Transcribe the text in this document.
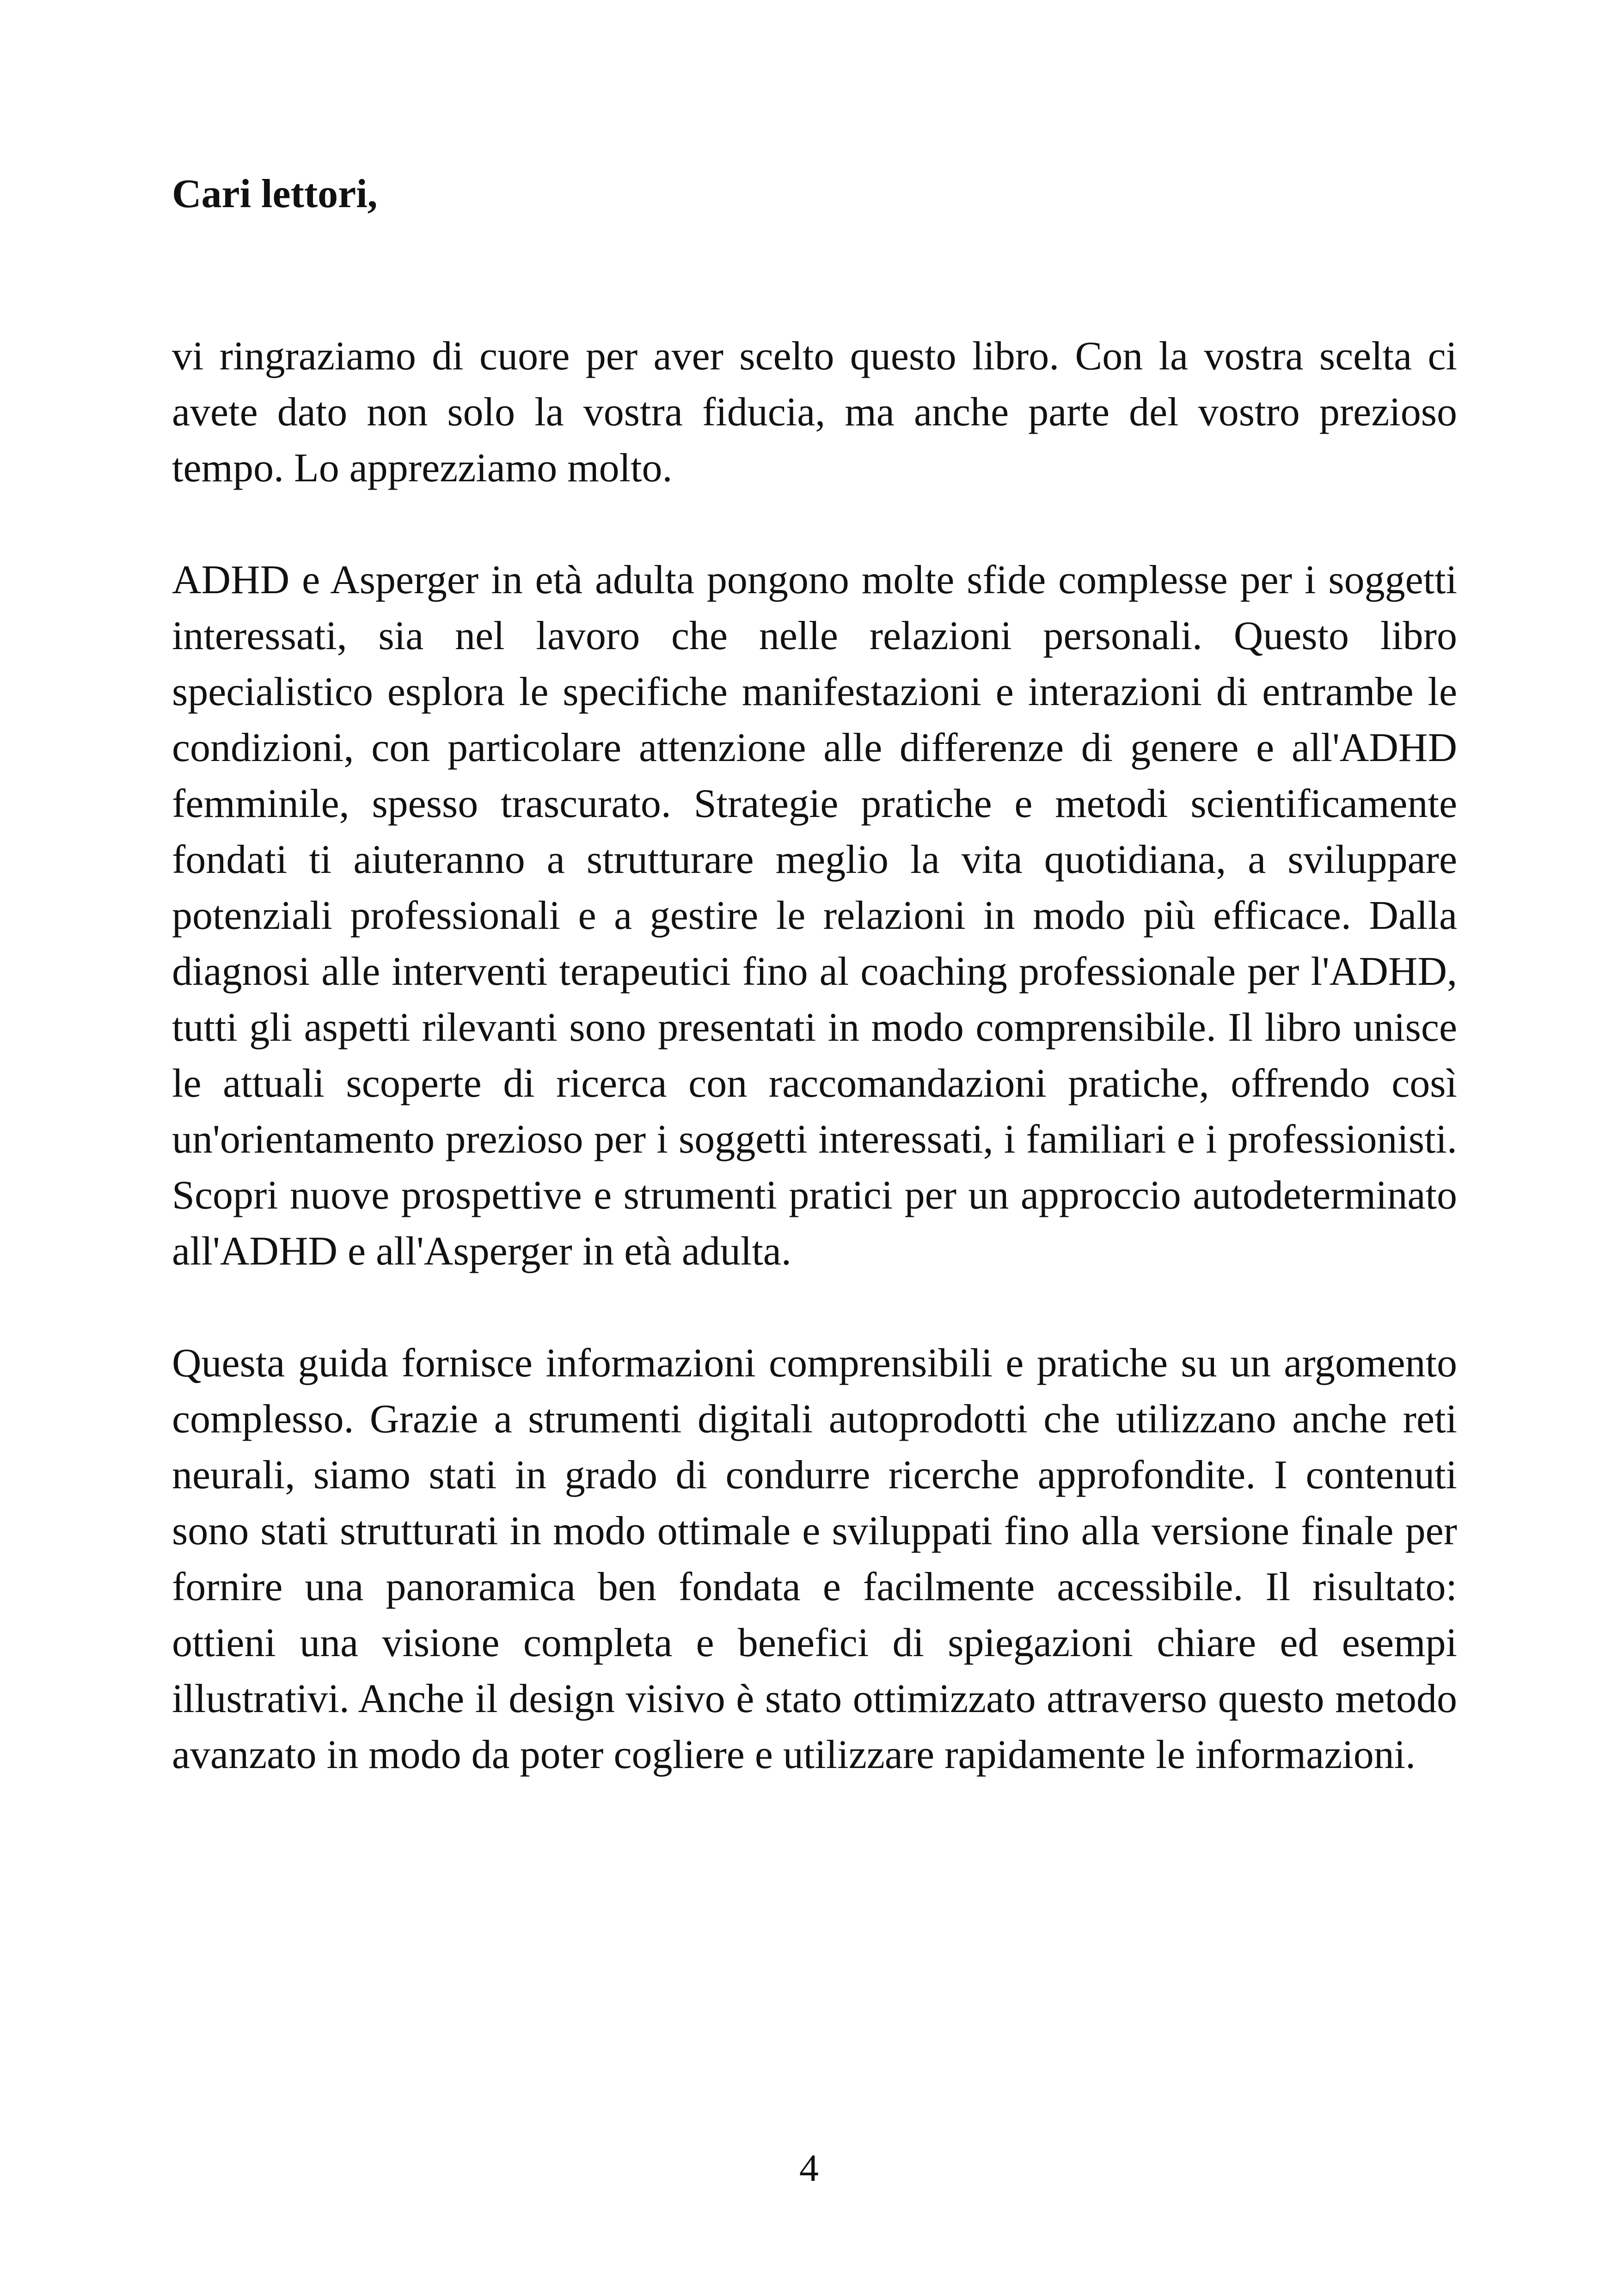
Cari lettori,

vi ringraziamo di cuore per aver scelto questo libro. Con la vostra scelta ci avete dato non solo la vostra fiducia, ma anche parte del vostro prezioso tempo. Lo apprezziamo molto.

ADHD e Asperger in età adulta pongono molte sfide complesse per i soggetti interessati, sia nel lavoro che nelle relazioni personali. Questo libro specialistico esplora le specifiche manifestazioni e interazioni di entrambe le condizioni, con particolare attenzione alle differenze di genere e all'ADHD femminile, spesso trascurato. Strategie pratiche e metodi scientificamente fondati ti aiuteranno a strutturare meglio la vita quotidiana, a sviluppare potenziali professionali e a gestire le relazioni in modo più efficace. Dalla diagnosi alle interventi terapeutici fino al coaching professionale per l'ADHD, tutti gli aspetti rilevanti sono presentati in modo comprensibile. Il libro unisce le attuali scoperte di ricerca con raccomandazioni pratiche, offrendo così un'orientamento prezioso per i soggetti interessati, i familiari e i professionisti. Scopri nuove prospettive e strumenti pratici per un approccio autodeterminato all'ADHD e all'Asperger in età adulta.

Questa guida fornisce informazioni comprensibili e pratiche su un argomento complesso. Grazie a strumenti digitali autoprodotti che utilizzano anche reti neurali, siamo stati in grado di condurre ricerche approfondite. I contenuti sono stati strutturati in modo ottimale e sviluppati fino alla versione finale per fornire una panoramica ben fondata e facilmente accessibile. Il risultato: ottieni una visione completa e benefici di spiegazioni chiare ed esempi illustrativi. Anche il design visivo è stato ottimizzato attraverso questo metodo avanzato in modo da poter cogliere e utilizzare rapidamente le informazioni.

4
